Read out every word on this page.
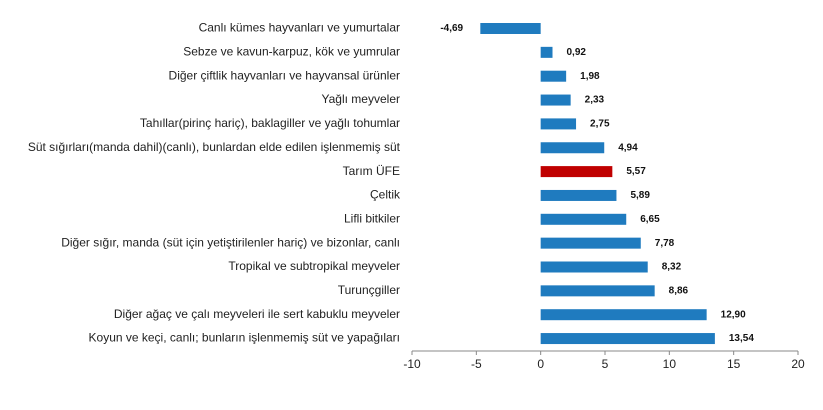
Canlı kümes hayvanları ve yumurtalar
Sebze ve kavun-karpuz, kök ve yumrular
Diğer çiftlik hayvanları ve hayvansal ürünler
Yağlı meyveler
Tahıllar(pirinç hariç), baklagiller ve yağlı tohumlar
Süt sığırları(manda dahil)(canlı), bunlardan elde edilen işlenmemiş süt
Tarım ÜFE
Çeltik
Lifli bitkiler
Diğer sığır, manda (süt için yetiştirilenler hariç) ve bizonlar, canlı
Tropikal ve subtropikal meyveler
Turunçgiller
Diğer ağaç ve çalı meyveleri ile sert kabuklu meyveler
Koyun ve keçi, canlı; bunların işlenmemiş süt ve yapağıları
-4,69
0,92
1,98
2,33
2,75
4,94
5,57
5,89
6,65
7,78
8,32
8,86
12,90
13,54
-10	-5	0	5	10	15	20
